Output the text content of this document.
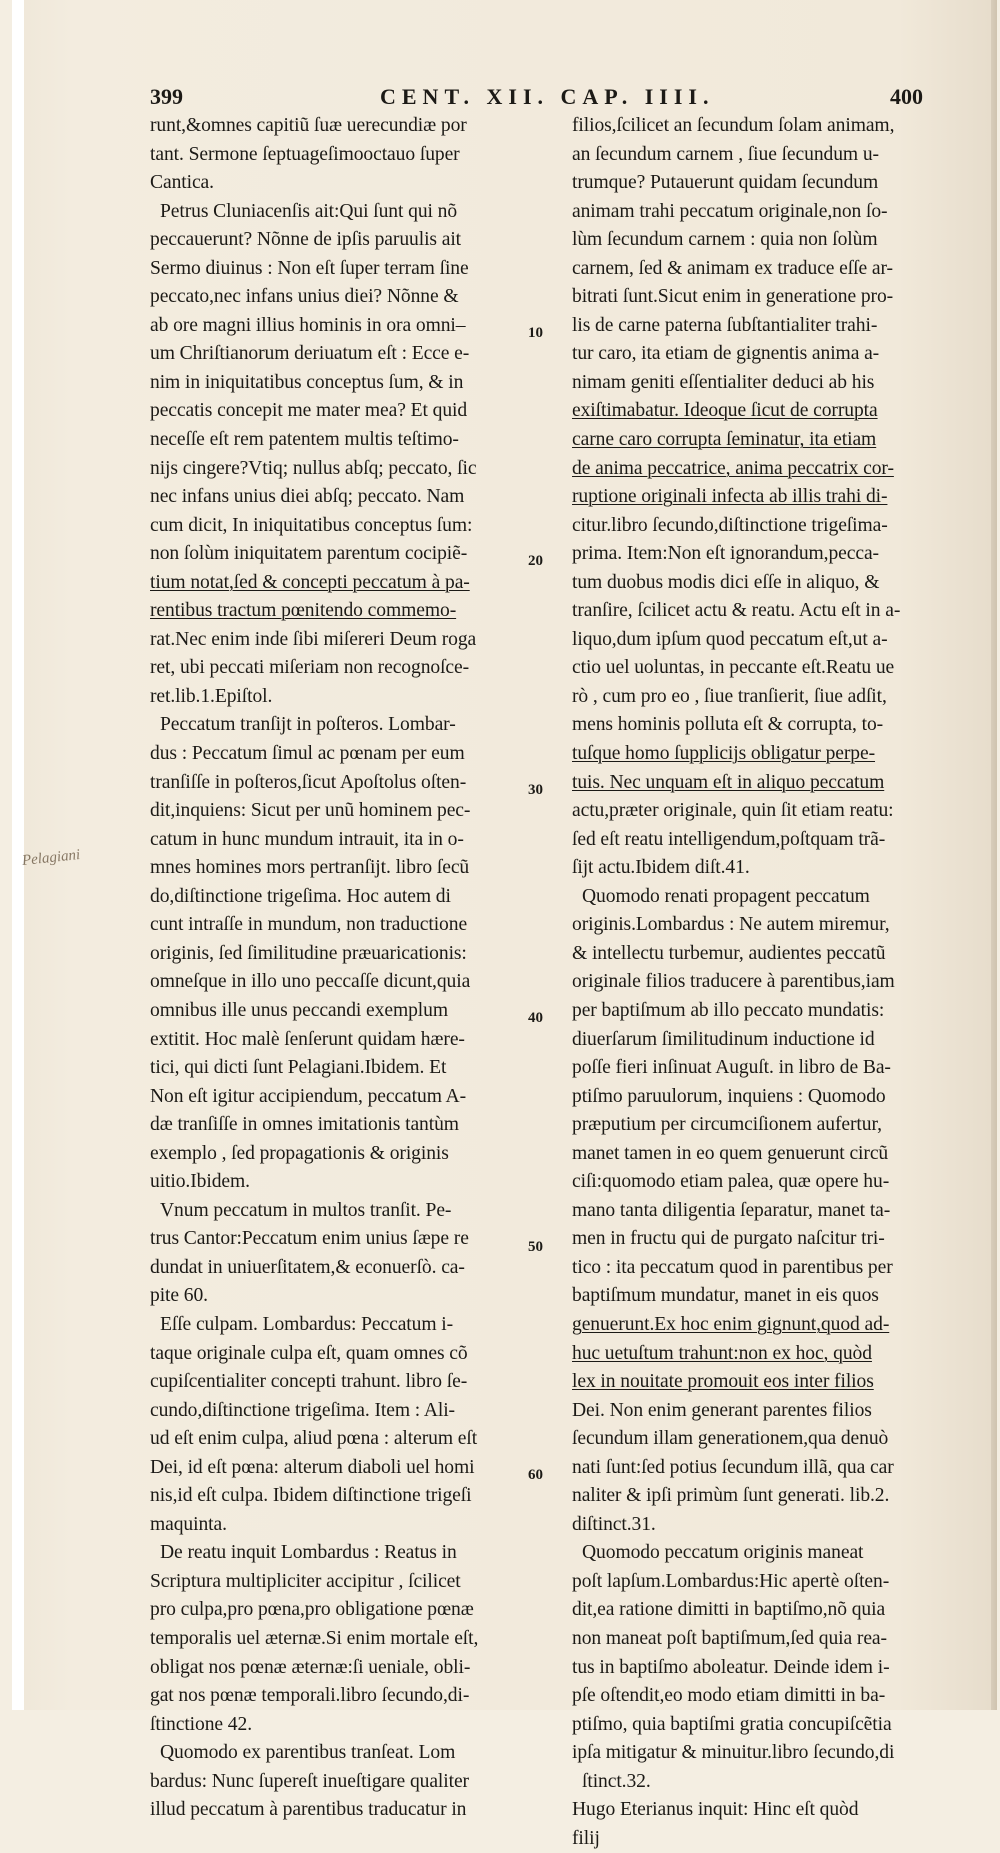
399	CENT. XII. CAP. IIII.	400
Pelagiani
10
20
30
40
50
60
runt,&omnes capitiũ ſuæ uerecundiæ por
tant. Sermone ſeptuageſimooctauo ſuper
Cantica.
Petrus Cluniacenſis ait:Qui ſunt qui nõ
peccauerunt? Nõnne de ipſis paruulis ait
Sermo diuinus : Non eſt ſuper terram ſine
peccato,nec infans unius diei? Nõnne &
ab ore magni illius hominis in ora omni–
um Chriſtianorum deriuatum eſt : Ecce e-
nim in iniquitatibus conceptus ſum, & in
peccatis concepit me mater mea? Et quid
neceſſe eſt rem patentem multis teſtimo-
nijs cingere?Vtiq; nullus abſq; peccato, ſic
nec infans unius diei abſq; peccato. Nam
cum dicit, In iniquitatibus conceptus ſum:
non ſolùm iniquitatem parentum cocipiẽ-
tium notat,ſed & concepti peccatum à pa-
rentibus tractum pœnitendo commemo-
rat.Nec enim inde ſibi miſereri Deum roga
ret, ubi peccati miſeriam non recognoſce-
ret.lib.1.Epiſtol.
Peccatum tranſijt in poſteros. Lombar-
dus : Peccatum ſimul ac pœnam per eum
tranſiſſe in poſteros,ſicut Apoſtolus oſten-
dit,inquiens: Sicut per unũ hominem pec-
catum in hunc mundum intrauit, ita in o-
mnes homines mors pertranſijt. libro ſecũ
do,diſtinctione trigeſima. Hoc autem di
cunt intraſſe in mundum, non traductione
originis, ſed ſimilitudine præuaricationis:
omneſque in illo uno peccaſſe dicunt,quia
omnibus ille unus peccandi exemplum
extitit. Hoc malè ſenſerunt quidam hære-
tici, qui dicti ſunt Pelagiani.Ibidem. Et
Non eſt igitur accipiendum, peccatum A-
dæ tranſiſſe in omnes imitationis tantùm
exemplo , ſed propagationis & originis
uitio.Ibidem.
Vnum peccatum in multos tranſit. Pe-
trus Cantor:Peccatum enim unius ſæpe re
dundat in uniuerſitatem,& econuerſò. ca-
pite 60.
Eſſe culpam. Lombardus: Peccatum i-
taque originale culpa eſt, quam omnes cõ
cupiſcentialiter concepti trahunt. libro ſe-
cundo,diſtinctione trigeſima. Item : Ali-
ud eſt enim culpa, aliud pœna : alterum eſt
Dei, id eſt pœna: alterum diaboli uel homi
nis,id eſt culpa. Ibidem diſtinctione trigeſi
maquinta.
De reatu inquit Lombardus : Reatus in
Scriptura multipliciter accipitur , ſcilicet
pro culpa,pro pœna,pro obligatione pœnæ
temporalis uel æternæ.Si enim mortale eſt,
obligat nos pœnæ æternæ:ſi ueniale, obli-
gat nos pœnæ temporali.libro ſecundo,di-
ſtinctione 42.
Quomodo ex parentibus tranſeat. Lom
bardus: Nunc ſupereſt inueſtigare qualiter
illud peccatum à parentibus traducatur in
filios,ſcilicet an ſecundum ſolam animam,
an ſecundum carnem , ſiue ſecundum u-
trumque? Putauerunt quidam ſecundum
animam trahi peccatum originale,non ſo-
lùm ſecundum carnem : quia non ſolùm
carnem, ſed & animam ex traduce eſſe ar-
bitrati ſunt.Sicut enim in generatione pro-
lis de carne paterna ſubſtantialiter trahi-
tur caro, ita etiam de gignentis anima a-
nimam geniti eſſentialiter deduci ab his
exiſtimabatur. Ideoque ſicut de corrupta
carne caro corrupta ſeminatur, ita etiam
de anima peccatrice, anima peccatrix cor-
ruptione originali infecta ab illis trahi di-
citur.libro ſecundo,diſtinctione trigeſima-
prima. Item:Non eſt ignorandum,pecca-
tum duobus modis dici eſſe in aliquo, &
tranſire, ſcilicet actu & reatu. Actu eſt in a-
liquo,dum ipſum quod peccatum eſt,ut a-
ctio uel uoluntas, in peccante eſt.Reatu ue
rò , cum pro eo , ſiue tranſierit, ſiue adſit,
mens hominis polluta eſt & corrupta, to-
tuſque homo ſupplicijs obligatur perpe-
tuis. Nec unquam eſt in aliquo peccatum
actu,præter originale, quin ſit etiam reatu:
ſed eſt reatu intelligendum,poſtquam trã-
ſijt actu.Ibidem diſt.41.
Quomodo renati propagent peccatum
originis.Lombardus : Ne autem miremur,
& intellectu turbemur, audientes peccatũ
originale filios traducere à parentibus,iam
per baptiſmum ab illo peccato mundatis:
diuerſarum ſimilitudinum inductione id
poſſe fieri inſinuat Auguſt. in libro de Ba-
ptiſmo paruulorum, inquiens : Quomodo
præputium per circumciſionem aufertur,
manet tamen in eo quem genuerunt circũ
ciſi:quomodo etiam palea, quæ opere hu-
mano tanta diligentia ſeparatur, manet ta-
men in fructu qui de purgato naſcitur tri-
tico : ita peccatum quod in parentibus per
baptiſmum mundatur, manet in eis quos
genuerunt.Ex hoc enim gignunt,quod ad-
huc uetuſtum trahunt:non ex hoc, quòd
lex in nouitate promouit eos inter filios
Dei. Non enim generant parentes filios
ſecundum illam generationem,qua denuò
nati ſunt:ſed potius ſecundum illã, qua car
naliter & ipſi primùm ſunt generati. lib.2.
diſtinct.31.
Quomodo peccatum originis maneat
poſt lapſum.Lombardus:Hic apertè oſten-
dit,ea ratione dimitti in baptiſmo,nõ quia
non maneat poſt baptiſmum,ſed quia rea-
tus in baptiſmo aboleatur. Deinde idem i-
pſe oſtendit,eo modo etiam dimitti in ba-
ptiſmo, quia baptiſmi gratia concupiſcẽtia
ipſa mitigatur & minuitur.libro ſecundo,di
ſtinct.32.
Hugo Eterianus inquit: Hinc eſt quòd
filij
